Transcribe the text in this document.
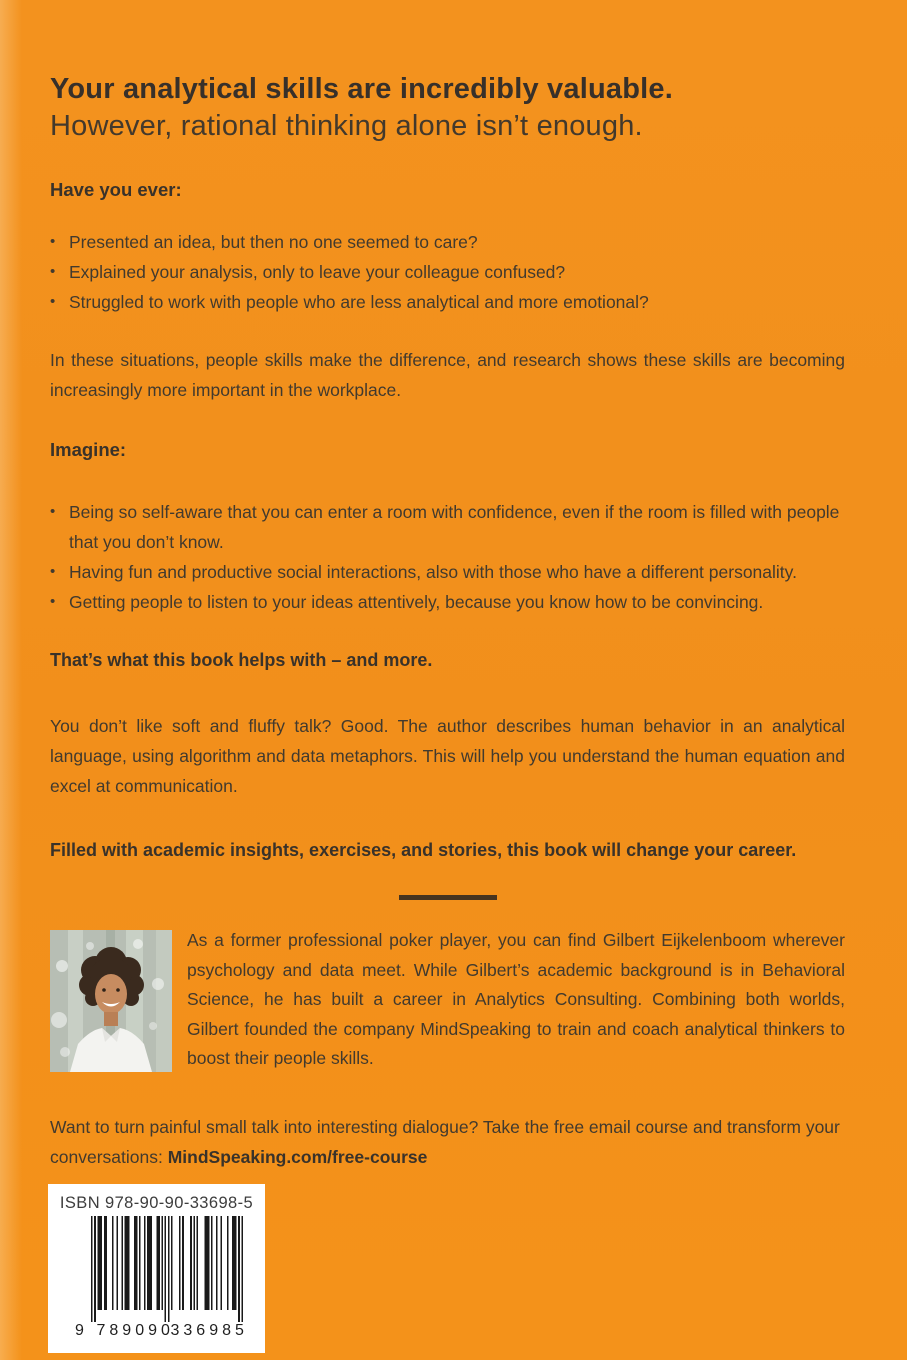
Your analytical skills are incredibly valuable.
However, rational thinking alone isn’t enough.
Have you ever:
• Presented an idea, but then no one seemed to care?
• Explained your analysis, only to leave your colleague confused?
• Struggled to work with people who are less analytical and more emotional?

In these situations, people skills make the difference, and research shows these skills are becoming increasingly more important in the workplace.

Imagine:
• Being so self-aware that you can enter a room with confidence, even if the room is filled with people that you don’t know.
• Having fun and productive social interactions, also with those who have a different personality.
• Getting people to listen to your ideas attentively, because you know how to be convincing.

That’s what this book helps with – and more.

You don’t like soft and fluffy talk? Good. The author describes human behavior in an analytical language, using algorithm and data metaphors. This will help you understand the human equation and excel at communication.

Filled with academic insights, exercises, and stories, this book will change your career.

As a former professional poker player, you can find Gilbert Eijkelenboom wherever psychology and data meet. While Gilbert’s academic background is in Behavioral Science, he has built a career in Analytics Consulting. Combining both worlds, Gilbert founded the company MindSpeaking to train and coach analytical thinkers to boost their people skills.

Want to turn painful small talk into interesting dialogue? Take the free email course and transform your conversations: MindSpeaking.com/free-course

ISBN 978-90-90-33698-5
9 789090
336985
